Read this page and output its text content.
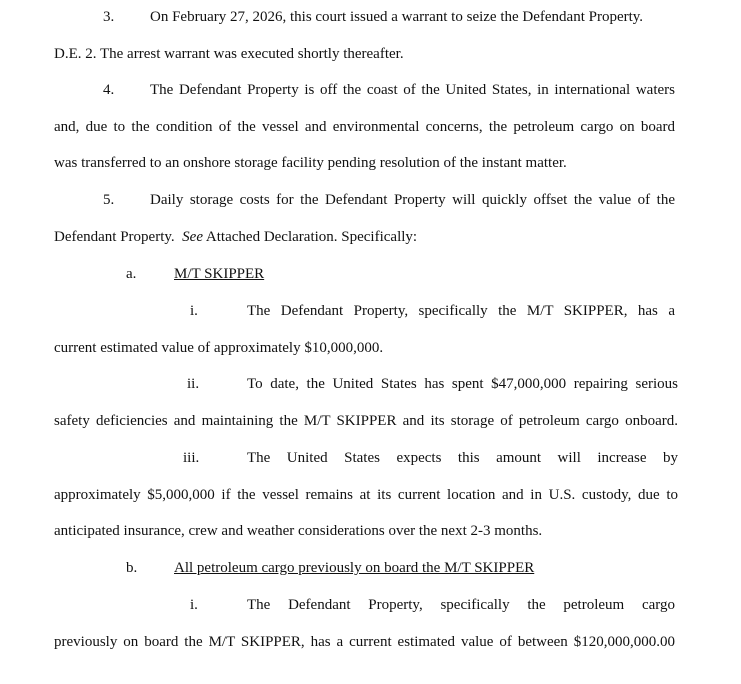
3. On February 27, 2026, this court issued a warrant to seize the Defendant Property.
D.E. 2. The arrest warrant was executed shortly thereafter.
4. The Defendant Property is off the coast of the United States, in international waters
and, due to the condition of the vessel and environmental concerns, the petroleum cargo on board
was transferred to an onshore storage facility pending resolution of the instant matter.
5. Daily storage costs for the Defendant Property will quickly offset the value of the
Defendant Property. See Attached Declaration. Specifically:
a.	M/T SKIPPER
i.	The Defendant Property, specifically the M/T SKIPPER, has a
current estimated value of approximately $10,000,000.
ii.	To date, the United States has spent $47,000,000 repairing serious
safety deficiencies and maintaining the M/T SKIPPER and its storage of petroleum cargo onboard.
iii.	The United States expects this amount will increase by
approximately $5,000,000 if the vessel remains at its current location and in U.S. custody, due to
anticipated insurance, crew and weather considerations over the next 2-3 months.
b. All petroleum cargo previously on board the M/T SKIPPER
i.	The Defendant Property, specifically the petroleum cargo
previously on board the M/T SKIPPER, has a current estimated value of between $120,000,000.00
